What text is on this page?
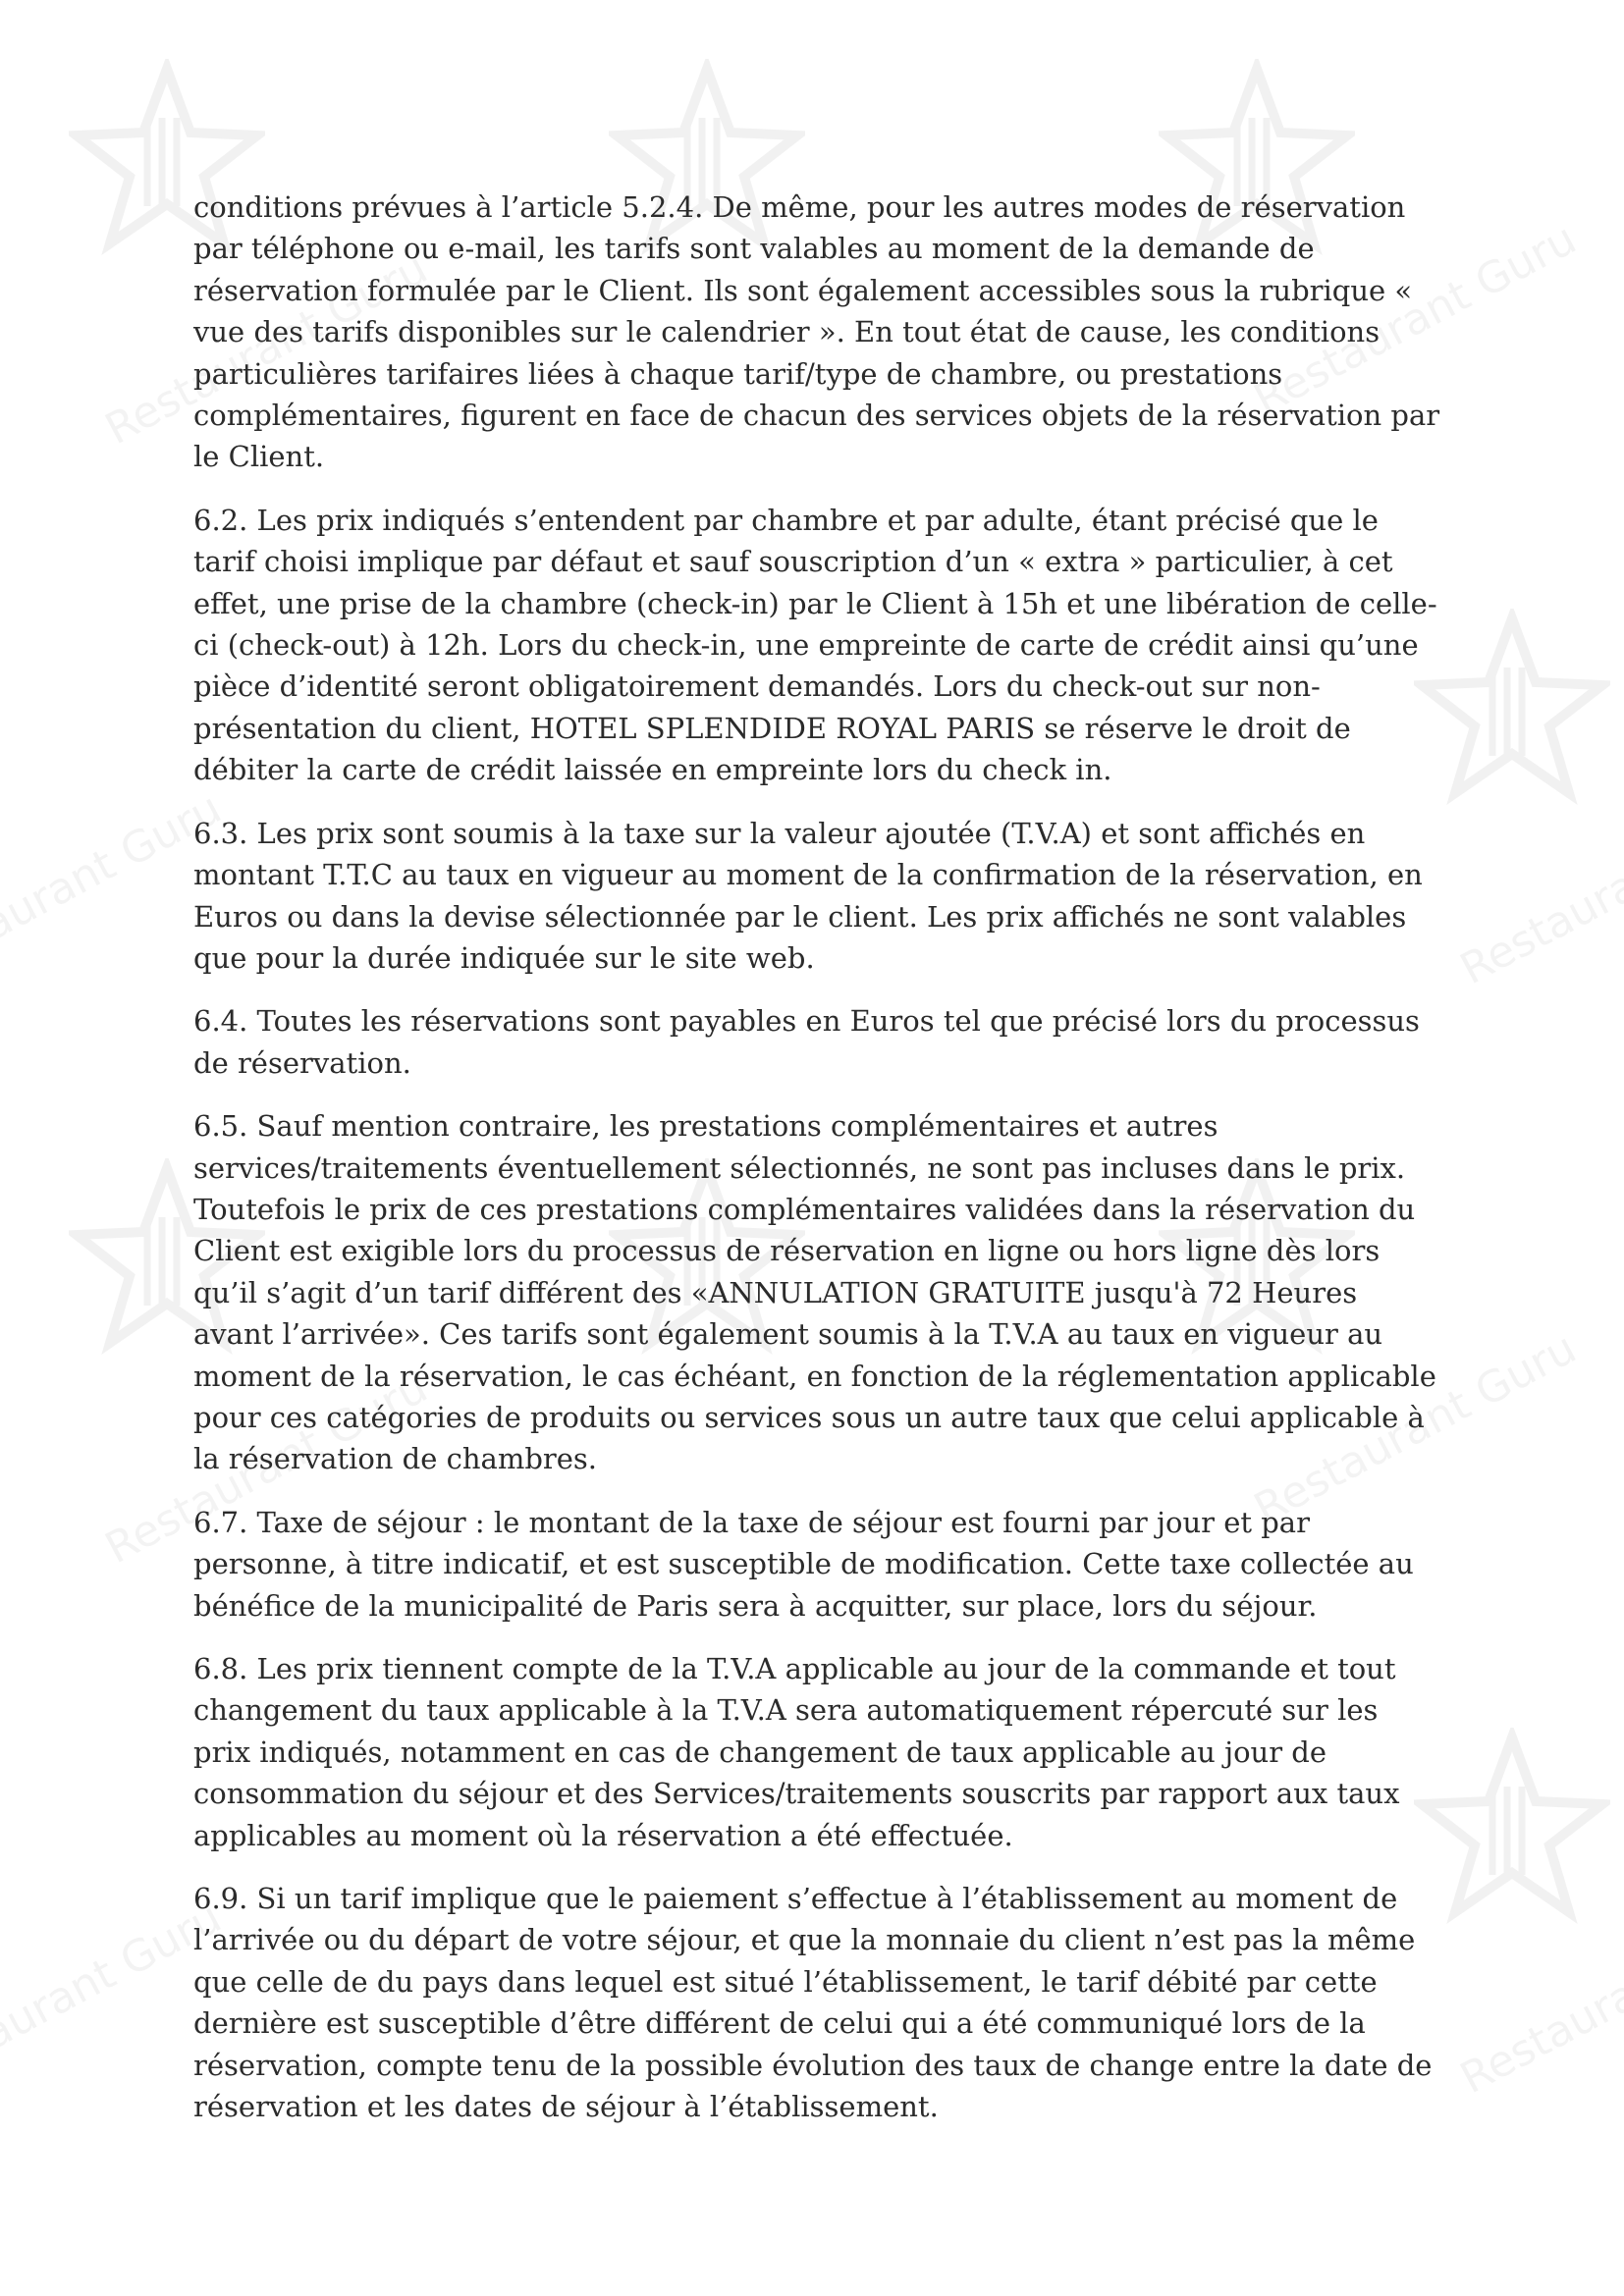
conditions prévues à l’article 5.2.4. De même, pour les autres modes de réservation par téléphone ou e-mail, les tarifs sont valables au moment de la demande de réservation formulée par le Client. Ils sont également accessibles sous la rubrique « vue des tarifs disponibles sur le calendrier ». En tout état de cause, les conditions particulières tarifaires liées à chaque tarif/type de chambre, ou prestations complémentaires, figurent en face de chacun des services objets de la réservation par le Client.

6.2. Les prix indiqués s’entendent par chambre et par adulte, étant précisé que le tarif choisi implique par défaut et sauf souscription d’un « extra » particulier, à cet effet, une prise de la chambre (check-in) par le Client à 15h et une libération de celle-ci (check-out) à 12h. Lors du check-in, une empreinte de carte de crédit ainsi qu’une pièce d’identité seront obligatoirement demandés. Lors du check-out sur non-présentation du client, HOTEL SPLENDIDE ROYAL PARIS se réserve le droit de débiter la carte de crédit laissée en empreinte lors du check in.

6.3. Les prix sont soumis à la taxe sur la valeur ajoutée (T.V.A) et sont affichés en montant T.T.C au taux en vigueur au moment de la confirmation de la réservation, en Euros ou dans la devise sélectionnée par le client. Les prix affichés ne sont valables que pour la durée indiquée sur le site web.

6.4. Toutes les réservations sont payables en Euros tel que précisé lors du processus de réservation.

6.5. Sauf mention contraire, les prestations complémentaires et autres services/traitements éventuellement sélectionnés, ne sont pas incluses dans le prix. Toutefois le prix de ces prestations complémentaires validées dans la réservation du Client est exigible lors du processus de réservation en ligne ou hors ligne dès lors qu’il s’agit d’un tarif différent des «ANNULATION GRATUITE jusqu'à 72 Heures avant l’arrivée». Ces tarifs sont également soumis à la T.V.A au taux en vigueur au moment de la réservation, le cas échéant, en fonction de la réglementation applicable pour ces catégories de produits ou services sous un autre taux que celui applicable à la réservation de chambres.

6.7. Taxe de séjour : le montant de la taxe de séjour est fourni par jour et par personne, à titre indicatif, et est susceptible de modification. Cette taxe collectée au bénéfice de la municipalité de Paris sera à acquitter, sur place, lors du séjour.

6.8. Les prix tiennent compte de la T.V.A applicable au jour de la commande et tout changement du taux applicable à la T.V.A sera automatiquement répercuté sur les prix indiqués, notamment en cas de changement de taux applicable au jour de consommation du séjour et des Services/traitements souscrits par rapport aux taux applicables au moment où la réservation a été effectuée.

6.9. Si un tarif implique que le paiement s’effectue à l’établissement au moment de l’arrivée ou du départ de votre séjour, et que la monnaie du client n’est pas la même que celle de du pays dans lequel est situé l’établissement, le tarif débité par cette dernière est susceptible d’être différent de celui qui a été communiqué lors de la réservation, compte tenu de la possible évolution des taux de change entre la date de réservation et les dates de séjour à l’établissement.
